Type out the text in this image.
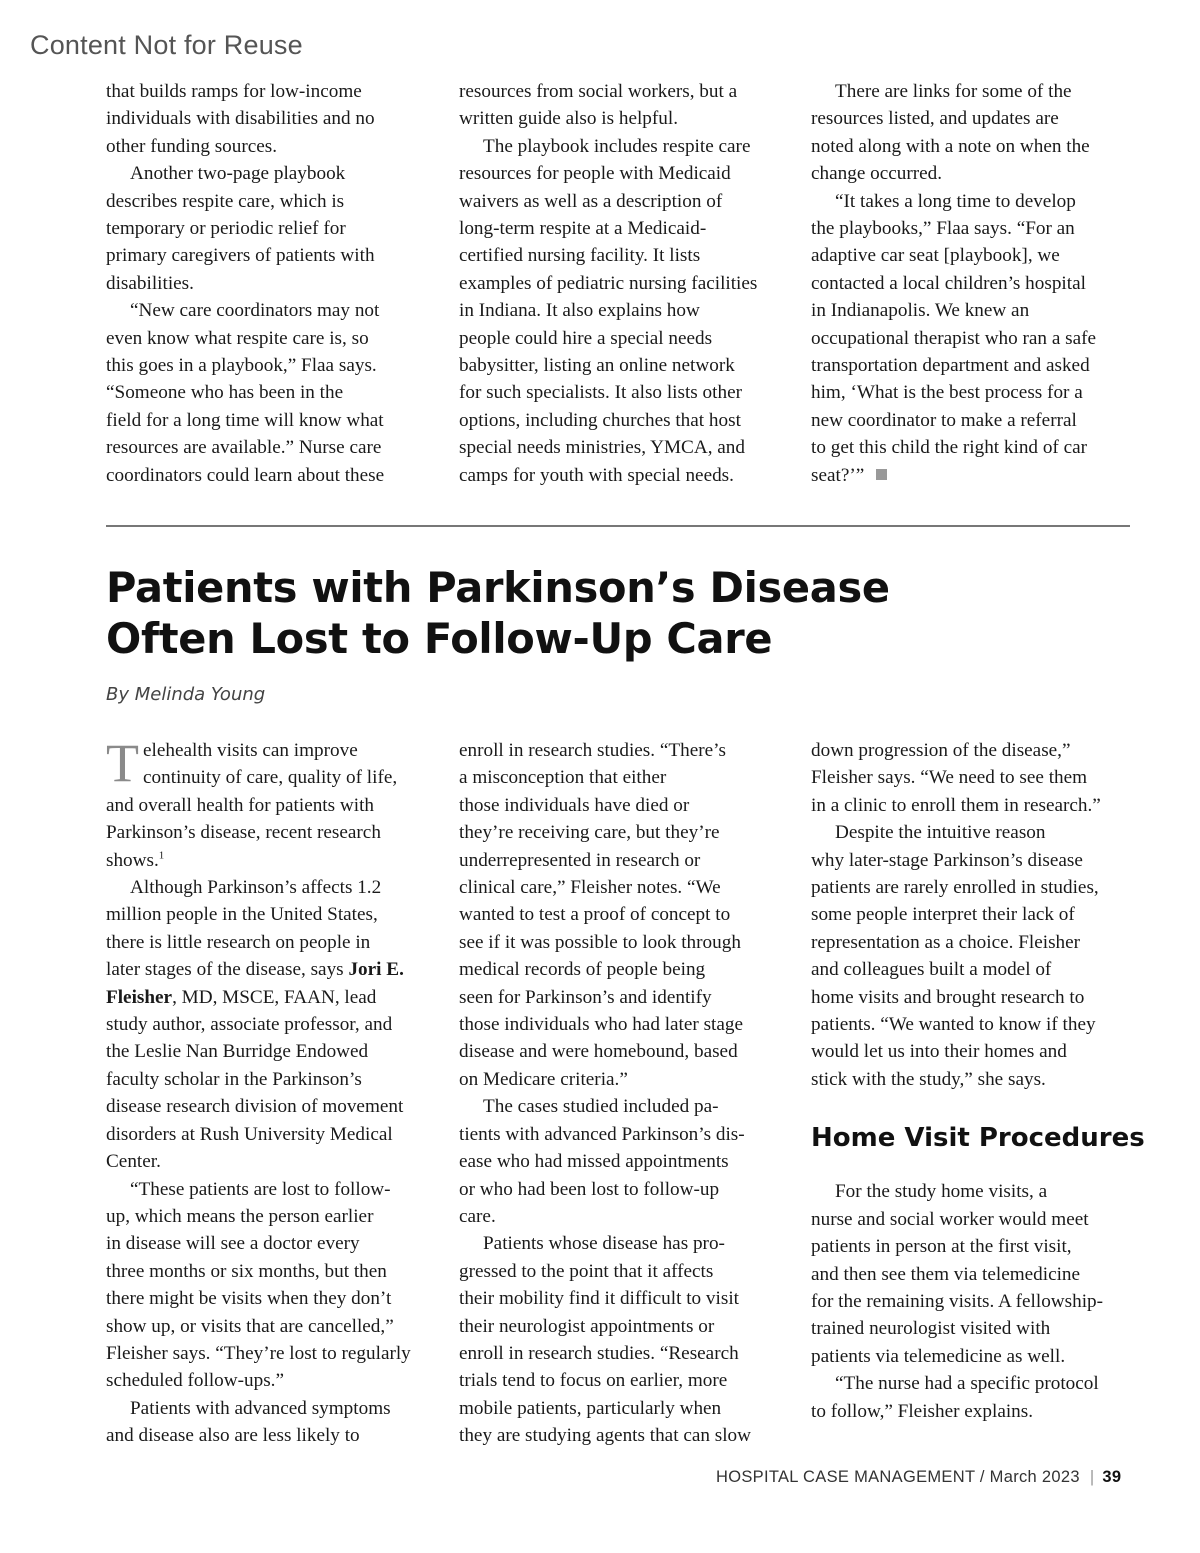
Content Not for Reuse

that builds ramps for low-income
individuals with disabilities and no
other funding sources.

Another two-page playbook
describes respite care, which is
temporary or periodic relief for
primary caregivers of patients with
disabilities.

“New care coordinators may not
even know what respite care is, so
this goes in a playbook,” Flaa says.
“Someone who has been in the
field for a long time will know what
resources are available.” Nurse care
coordinators could learn about these

resources from social workers, but a
written guide also is helpful.

The playbook includes respite care
resources for people with Medicaid
waivers as well as a description of
long-term respite at a Medicaid-
certified nursing facility. It lists
examples of pediatric nursing facilities
in Indiana. It also explains how
people could hire a special needs
babysitter, listing an online network
for such specialists. It also lists other
options, including churches that host
special needs ministries, YMCA, and
camps for youth with special needs.

There are links for some of the
resources listed, and updates are
noted along with a note on when the
change occurred.

“It takes a long time to develop
the playbooks,” Flaa says. “For an
adaptive car seat [playbook], we
contacted a local children’s hospital
in Indianapolis. We knew an
occupational therapist who ran a safe
transportation department and asked
him, ‘What is the best process for a
new coordinator to make a referral
to get this child the right kind of car
seat?’”

Patients with Parkinson’s Disease
Often Lost to Follow-Up Care
By Melinda Young

Telehealth visits can improve
continuity of care, quality of life,
and overall health for patients with
Parkinson’s disease, recent research
shows.$^1$

Although Parkinson’s affects 1.2
million people in the United States,
there is little research on people in
later stages of the disease, says Jori E.
Fleisher, MD, MSCE, FAAN, lead
study author, associate professor, and
the Leslie Nan Burridge Endowed
faculty scholar in the Parkinson’s
disease research division of movement
disorders at Rush University Medical
Center.

“These patients are lost to follow-
up, which means the person earlier
in disease will see a doctor every
three months or six months, but then
there might be visits when they don’t
show up, or visits that are cancelled,”
Fleisher says. “They’re lost to regularly
scheduled follow-ups.”

Patients with advanced symptoms
and disease also are less likely to

enroll in research studies. “There’s
a misconception that either
those individuals have died or
they’re receiving care, but they’re
underrepresented in research or
clinical care,” Fleisher notes. “We
wanted to test a proof of concept to
see if it was possible to look through
medical records of people being
seen for Parkinson’s and identify
those individuals who had later stage
disease and were homebound, based
on Medicare criteria.”

The cases studied included pa-
tients with advanced Parkinson’s dis-
ease who had missed appointments
or who had been lost to follow-up
care.

Patients whose disease has pro-
gressed to the point that it affects
their mobility find it difficult to visit
their neurologist appointments or
enroll in research studies. “Research
trials tend to focus on earlier, more
mobile patients, particularly when
they are studying agents that can slow

down progression of the disease,”
Fleisher says. “We need to see them
in a clinic to enroll them in research.”

Despite the intuitive reason
why later-stage Parkinson’s disease
patients are rarely enrolled in studies,
some people interpret their lack of
representation as a choice. Fleisher
and colleagues built a model of
home visits and brought research to
patients. “We wanted to know if they
would let us into their homes and
stick with the study,” she says.

Home Visit Procedures

For the study home visits, a
nurse and social worker would meet
patients in person at the first visit,
and then see them via telemedicine
for the remaining visits. A fellowship-
trained neurologist visited with
patients via telemedicine as well.

“The nurse had a specific protocol
to follow,” Fleisher explains.

HOSPITAL CASE MANAGEMENT / March 2023 | 39
